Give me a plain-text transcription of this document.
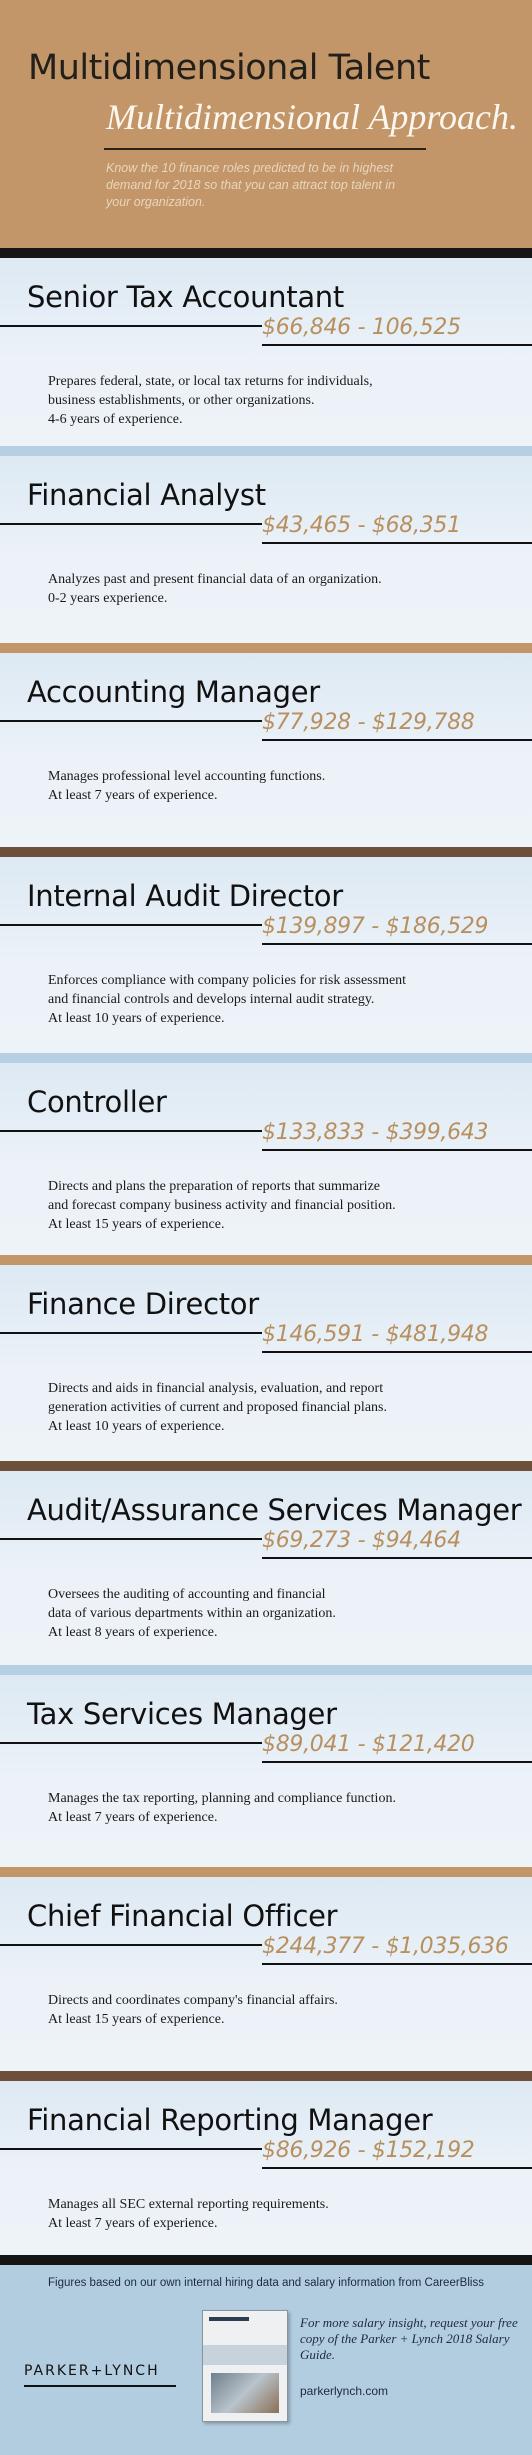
Multidimensional Talent
Multidimensional Approach.
Know the 10 finance roles predicted to be in highest demand for 2018 so that you can attract top talent in your organization.
Senior Tax Accountant
$66,846 - 106,525
Prepares federal, state, or local tax returns for individuals,
business establishments, or other organizations.
4-6 years of experience.
Financial Analyst
$43,465 - $68,351
Analyzes past and present financial data of an organization.
0-2 years experience.
Accounting Manager
$77,928 - $129,788
Manages professional level accounting functions.
At least 7 years of experience.
Internal Audit Director
$139,897 - $186,529
Enforces compliance with company policies for risk assessment
and financial controls and develops internal audit strategy.
At least 10 years of experience.
Controller
$133,833 - $399,643
Directs and plans the preparation of reports that summarize
and forecast company business activity and financial position.
At least 15 years of experience.
Finance Director
$146,591 - $481,948
Directs and aids in financial analysis, evaluation, and report
generation activities of current and proposed financial plans.
At least 10 years of experience.
Audit/Assurance Services Manager
$69,273 - $94,464
Oversees the auditing of accounting and financial
data of various departments within an organization.
At least 8 years of experience.
Tax Services Manager
$89,041 - $121,420
Manages the tax reporting, planning and compliance function.
At least 7 years of experience.
Chief Financial Officer
$244,377 - $1,035,636
Directs and coordinates company's financial affairs.
At least 15 years of experience.
Financial Reporting Manager
$86,926 - $152,192
Manages all SEC external reporting requirements.
At least 7 years of experience.
Figures based on our own internal hiring data and salary information from CareerBliss
PARKER+LYNCH
For more salary insight, request your free copy of the Parker + Lynch 2018 Salary Guide.
parkerlynch.com
